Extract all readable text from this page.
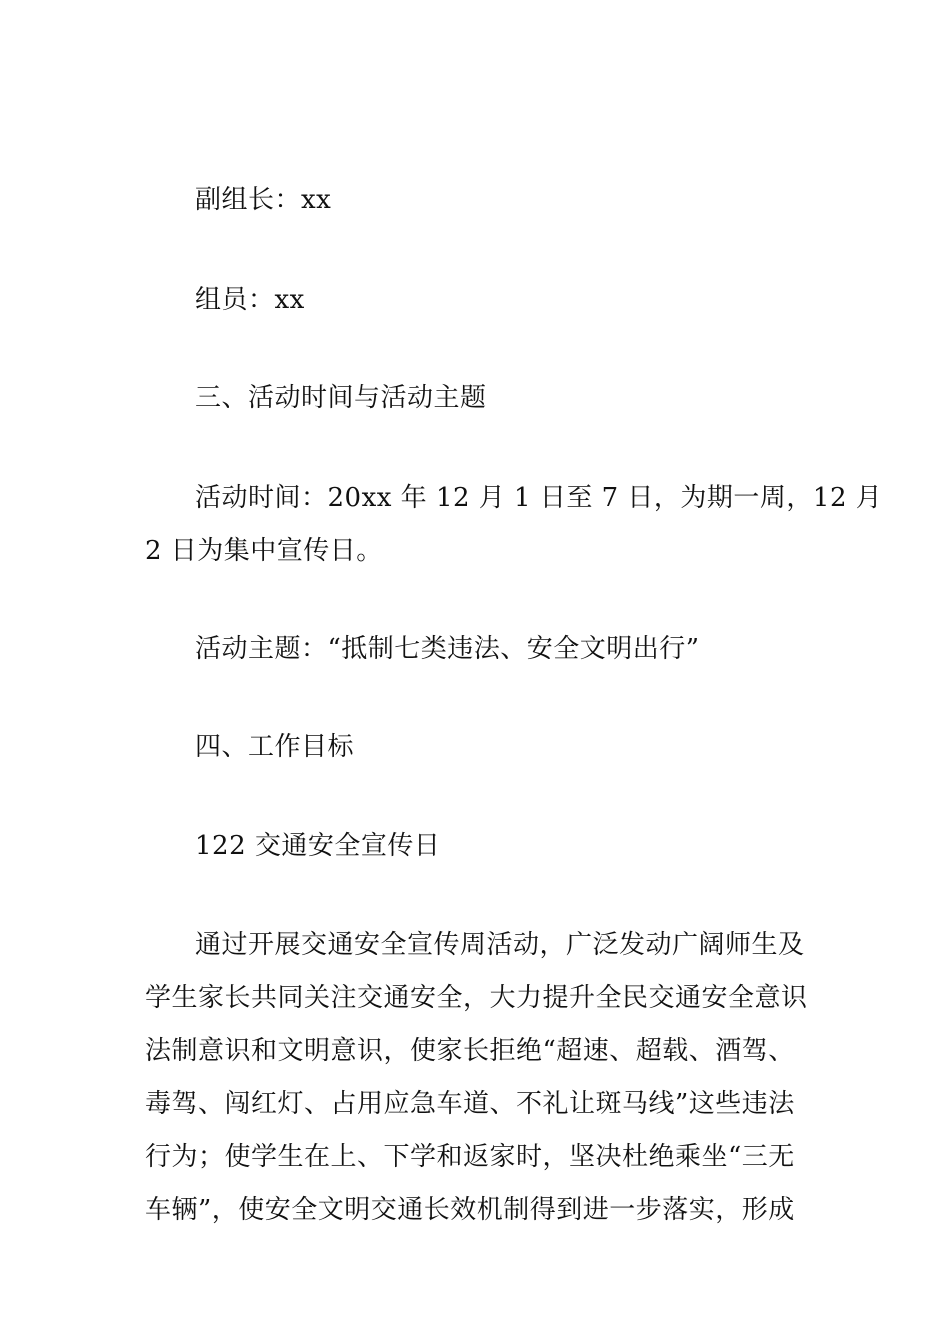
副组长：xx
组员：xx
三、活动时间与活动主题
活动时间：20xx 年 12 月 1 日至 7 日，为期一周，12 月
2 日为集中宣传日。
活动主题：“抵制七类违法、安全文明出行”
四、工作目标
122 交通安全宣传日
通过开展交通安全宣传周活动，广泛发动广阔师生及
学生家长共同关注交通安全，大力提升全民交通安全意识
法制意识和文明意识，使家长拒绝“超速、超载、酒驾、
毒驾、闯红灯、占用应急车道、不礼让斑马线”这些违法
行为；使学生在上、下学和返家时，坚决杜绝乘坐“三无
车辆”，使安全文明交通长效机制得到进一步落实，形成
